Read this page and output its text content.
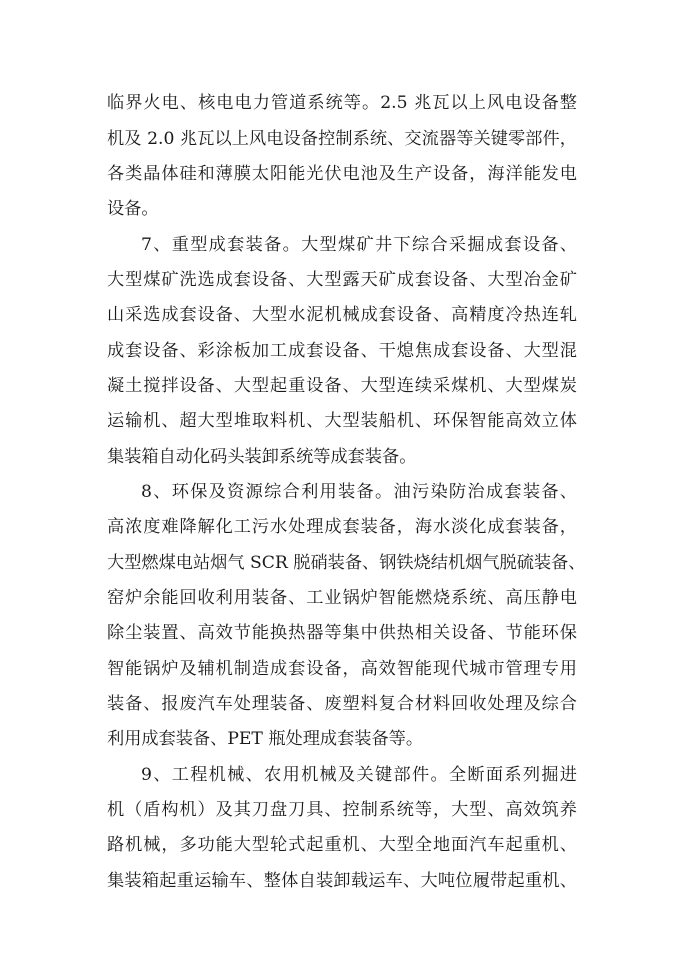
临界火电、核电电力管道系统等。2.5 兆瓦以上风电设备整
机及 2.0 兆瓦以上风电设备控制系统、交流器等关键零部件，
各类晶体硅和薄膜太阳能光伏电池及生产设备，海洋能发电
设备。
7、重型成套装备。大型煤矿井下综合采掘成套设备、
大型煤矿洗选成套设备、大型露天矿成套设备、大型冶金矿
山采选成套设备、大型水泥机械成套设备、高精度冷热连轧
成套设备、彩涂板加工成套设备、干熄焦成套设备、大型混
凝土搅拌设备、大型起重设备、大型连续采煤机、大型煤炭
运输机、超大型堆取料机、大型装船机、环保智能高效立体
集装箱自动化码头装卸系统等成套装备。
8、环保及资源综合利用装备。油污染防治成套装备、
高浓度难降解化工污水处理成套装备，海水淡化成套装备，
大型燃煤电站烟气 SCR 脱硝装备、钢铁烧结机烟气脱硫装备、
窑炉余能回收利用装备、工业锅炉智能燃烧系统、高压静电
除尘装置、高效节能换热器等集中供热相关设备、节能环保
智能锅炉及辅机制造成套设备，高效智能现代城市管理专用
装备、报废汽车处理装备、废塑料复合材料回收处理及综合
利用成套装备、PET 瓶处理成套装备等。
9、工程机械、农用机械及关键部件。全断面系列掘进
机（盾构机）及其刀盘刀具、控制系统等，大型、高效筑养
路机械，多功能大型轮式起重机、大型全地面汽车起重机、
集装箱起重运输车、整体自装卸载运车、大吨位履带起重机、
